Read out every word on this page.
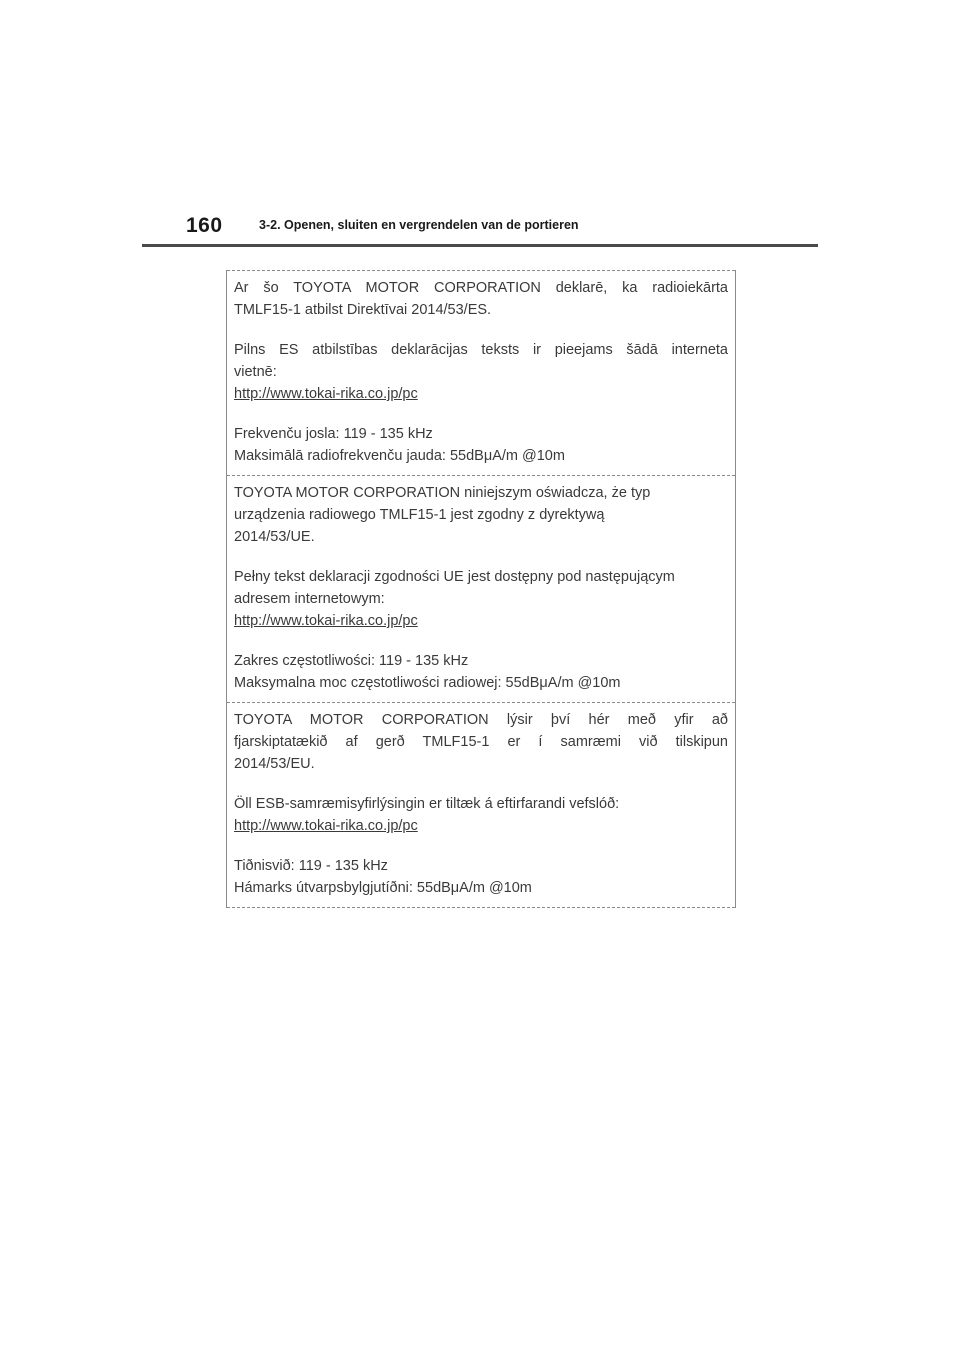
160	3-2. Openen, sluiten en vergrendelen van de portieren

Ar šo TOYOTA MOTOR CORPORATION deklarē, ka radioiekārta

TMLF15-1 atbilst Direktīvai 2014/53/ES.

Pilns ES atbilstības deklarācijas teksts ir pieejams šādā interneta

vietnē:

http://www.tokai-rika.co.jp/pc

Frekvenču josla: 119 - 135 kHz

Maksimālā radiofrekvenču jauda: 55dBμA/m @10m

TOYOTA MOTOR CORPORATION niniejszym oświadcza, że typ

urządzenia radiowego TMLF15-1 jest zgodny z dyrektywą

2014/53/UE.

Pełny tekst deklaracji zgodności UE jest dostępny pod następującym

adresem internetowym:

http://www.tokai-rika.co.jp/pc

Zakres częstotliwości: 119 - 135 kHz

Maksymalna moc częstotliwości radiowej: 55dBμA/m @10m

TOYOTA MOTOR CORPORATION lýsir því hér með yfir að

fjarskiptatækið af gerð TMLF15-1 er í samræmi við tilskipun

2014/53/EU.

Öll ESB-samræmisyfirlýsingin er tiltæk á eftirfarandi vefslóð:

http://www.tokai-rika.co.jp/pc

Tiðnisvið: 119 - 135 kHz

Hámarks útvarpsbylgjutíðni: 55dBμA/m @10m
